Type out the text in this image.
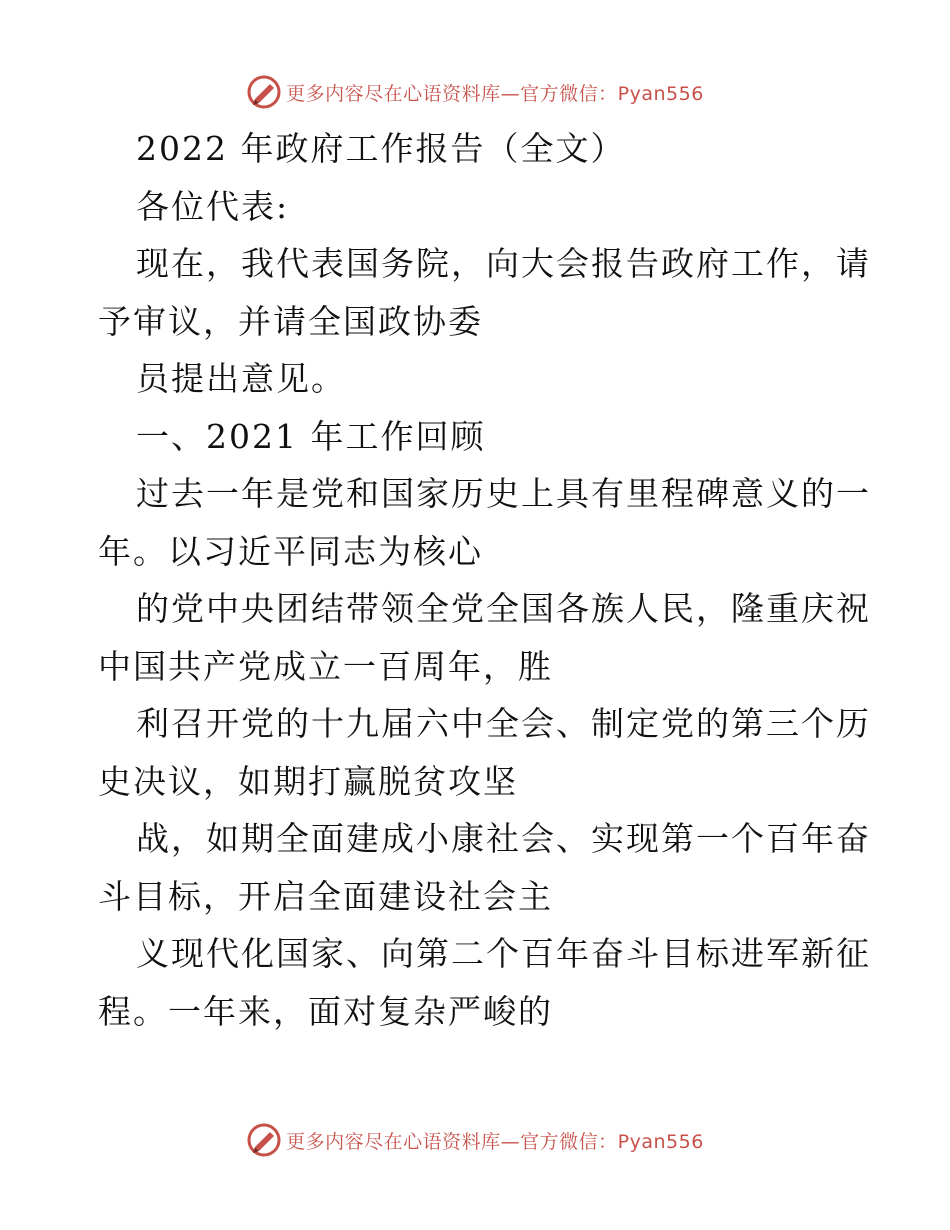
更多内容尽在心语资料库—官方微信：Pyan556
2022 年政府工作报告（全文）
各位代表:
现在，我代表国务院，向大会报告政府工作，请
予审议，并请全国政协委
员提出意见。
一、2021 年工作回顾
过去一年是党和国家历史上具有里程碑意义的一
年。以习近平同志为核心
的党中央团结带领全党全国各族人民，隆重庆祝
中国共产党成立一百周年，胜
利召开党的十九届六中全会、制定党的第三个历
史决议，如期打赢脱贫攻坚
战，如期全面建成小康社会、实现第一个百年奋
斗目标，开启全面建设社会主
义现代化国家、向第二个百年奋斗目标进军新征
程。一年来，面对复杂严峻的
更多内容尽在心语资料库—官方微信：Pyan556
